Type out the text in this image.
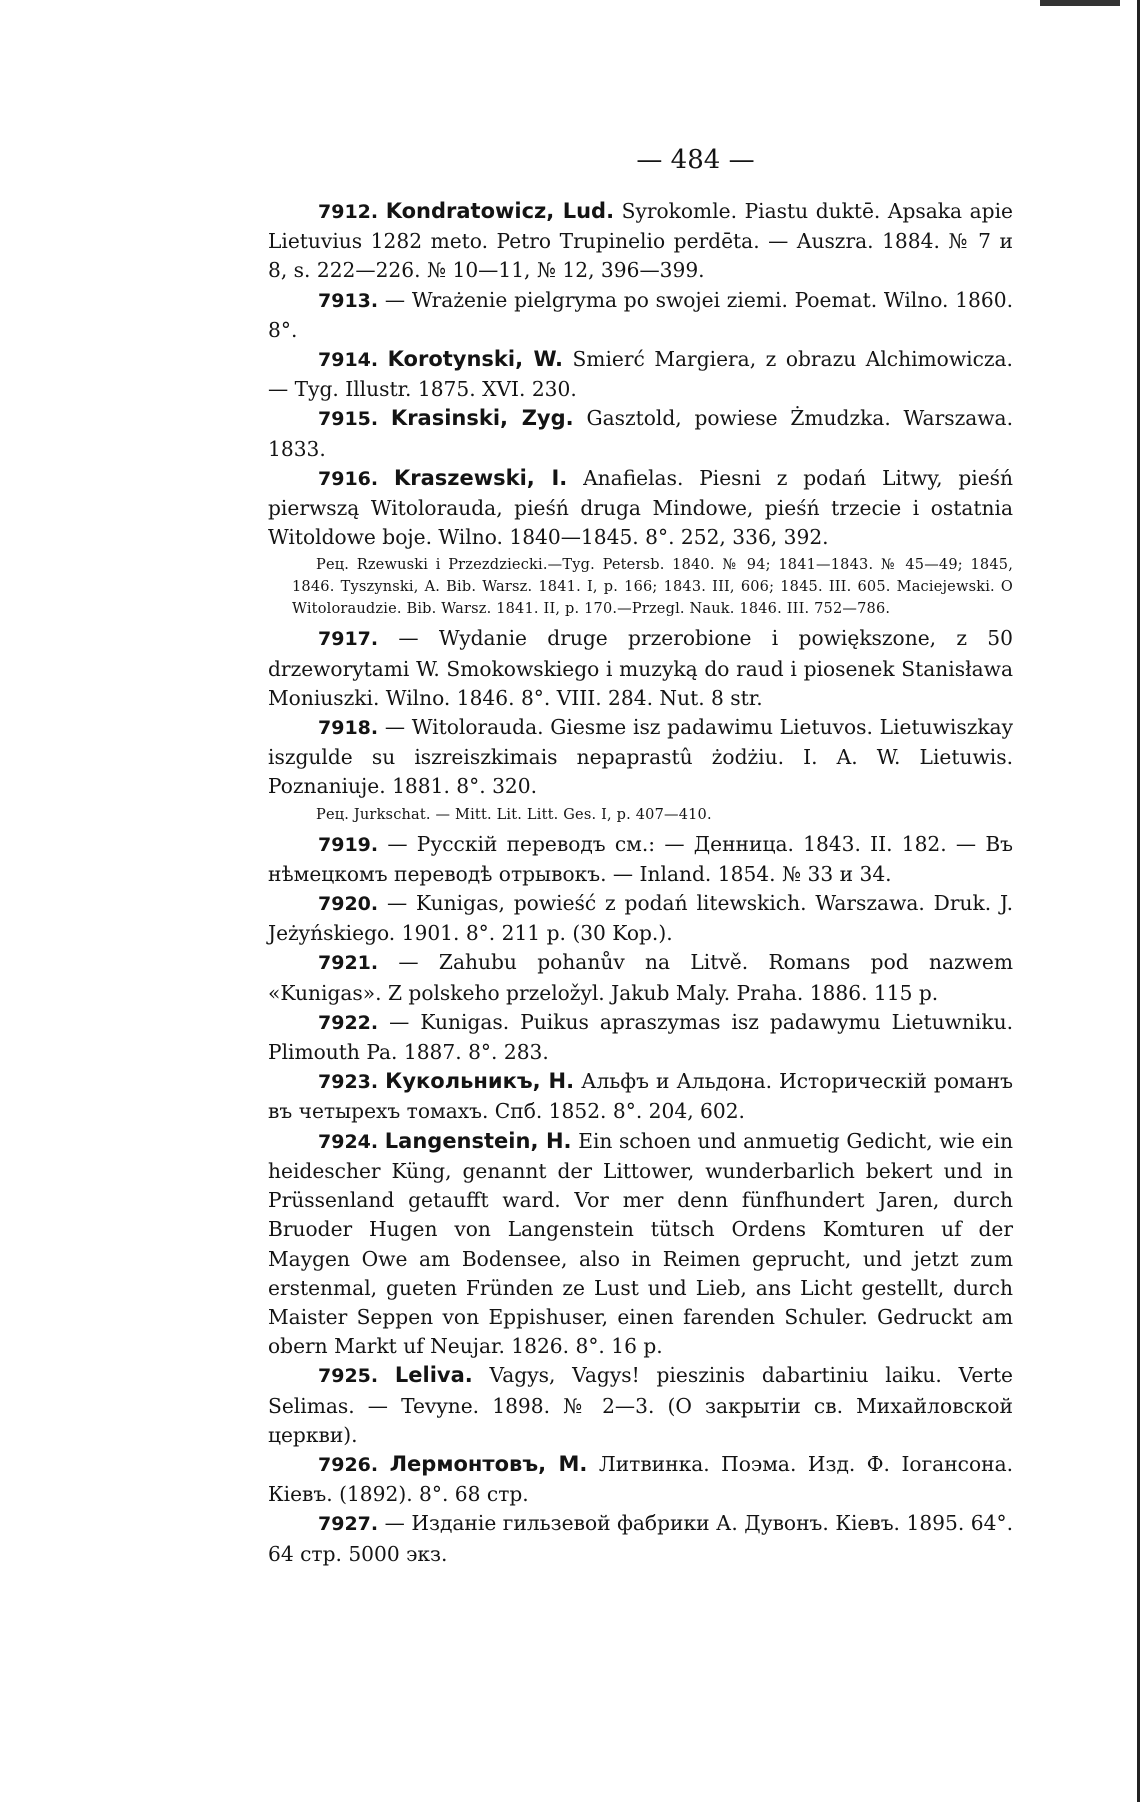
— 484 —

7912. Kondratowicz, Lud. Syrokomle. Piastu duktē. Apsaka apie Lietuvius 1282 meto. Petro Trupinelio perdēta. — Auszra. 1884. № 7 и 8, s. 222—226. № 10—11, № 12, 396—399.

7913. — Wrażenie pielgryma po swojei ziemi. Poemat. Wilno. 1860. 8°.

7914. Korotynski, W. Smierć Margiera, z obrazu Alchimowicza. — Tyg. Illustr. 1875. XVI. 230.

7915. Krasinski, Zyg. Gasztold, powiese Żmudzka. Warszawa. 1833.

7916. Kraszewski, I. Anafielas. Piesni z podań Litwy, pieśń pierwszą Witolorauda, pieśń druga Mindowe, pieśń trzecie i ostatnia Witoldowe boje. Wilno. 1840—1845. 8°. 252, 336, 392.

Рец. Rzewuski i Przezdziecki.—Tyg. Petersb. 1840. № 94; 1841—1843. № 45—49; 1845, 1846. Tyszynski, A. Bib. Warsz. 1841. I, p. 166; 1843. III, 606; 1845. III. 605. Maciejewski. O Witoloraudzie. Bib. Warsz. 1841. II, p. 170.—Przegl. Nauk. 1846. III. 752—786.

7917. — Wydanie druge przerobione i powiększone, z 50 drzeworytami W. Smokowskiego i muzyką do raud i piosenek Stanisława Moniuszki. Wilno. 1846. 8°. VIII. 284. Nut. 8 str.

7918. — Witolorauda. Giesme isz padawimu Lietuvos. Lietuwiszkay iszgulde su iszreiszkimais nepaprastû żodżiu. I. A. W. Lietuwis. Poznaniuje. 1881. 8°. 320.

Рец. Jurkschat. — Mitt. Lit. Litt. Ges. I, p. 407—410.

7919. — Русскій переводъ см.: — Денница. 1843. II. 182. — Въ нѣмецкомъ переводѣ отрывокъ. — Inland. 1854. № 33 и 34.

7920. — Kunigas, powieść z podań litewskich. Warszawa. Druk. J. Jeżyńskiego. 1901. 8°. 211 p. (30 Kop.).

7921. — Zahubu pohanův na Litvě. Romans pod nazwem «Kunigas». Z polskeho przeložyl. Jakub Maly. Praha. 1886. 115 p.

7922. — Kunigas. Puikus apraszymas isz padawymu Lietuwniku. Plimouth Pa. 1887. 8°. 283.

7923. Кукольникъ, Н. Альфъ и Альдона. Историческій романъ въ четырехъ томахъ. Спб. 1852. 8°. 204, 602.

7924. Langenstein, H. Ein schoen und anmuetig Gedicht, wie ein heidescher Küng, genannt der Littower, wunderbarlich bekert und in Prüssenland getaufft ward. Vor mer denn fünfhundert Jaren, durch Bruoder Hugen von Langenstein tütsch Ordens Komturen uf der Maygen Owe am Bodensee, also in Reimen geprucht, und jetzt zum erstenmal, gueten Fründen ze Lust und Lieb, ans Licht gestellt, durch Maister Seppen von Eppishuser, einen farenden Schuler. Gedruckt am obern Markt uf Neujar. 1826. 8°. 16 p.

7925. Leliva. Vagys, Vagys! pieszinis dabartiniu laiku. Verte Selimas. — Tevyne. 1898. № 2—3. (О закрытіи св. Михайловской церкви).

7926. Лермонтовъ, М. Литвинка. Поэма. Изд. Ф. Іогансона. Кіевъ. (1892). 8°. 68 стр.

7927. — Изданіе гильзевой фабрики А. Дувонъ. Кіевъ. 1895. 64°. 64 стр. 5000 экз.
